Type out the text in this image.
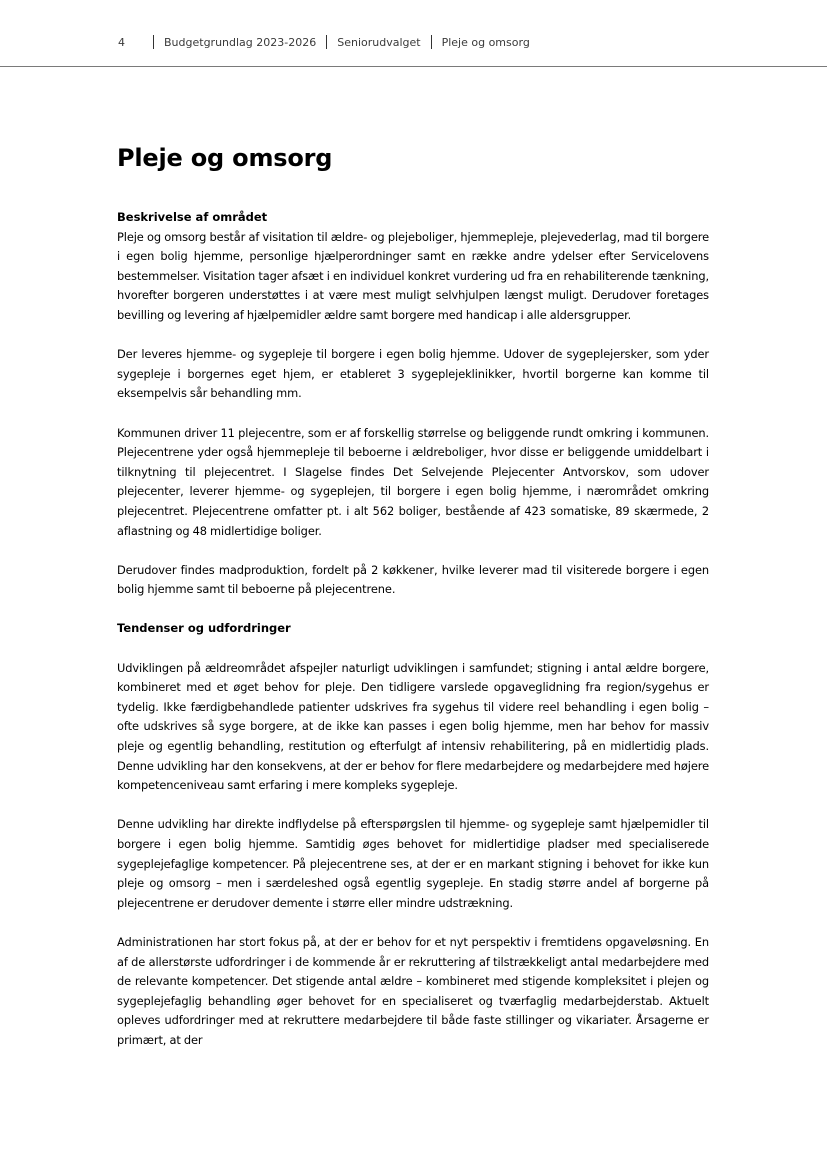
4	Budgetgrundlag 2023-2026 Seniorudvalget Pleje og omsorg
Pleje og omsorg
Beskrivelse af området

Pleje og omsorg består af visitation til ældre- og plejeboliger, hjemmepleje, plejevederlag, mad til borgere i egen bolig hjemme, personlige hjælperordninger samt en række andre ydelser efter Servicelovens bestemmelser. Visitation tager afsæt i en individuel konkret vurdering ud fra en rehabiliterende tænkning, hvorefter borgeren understøttes i at være mest muligt selvhjulpen længst muligt. Derudover foretages bevilling og levering af hjælpemidler ældre samt borgere med handicap i alle aldersgrupper.

Der leveres hjemme- og sygepleje til borgere i egen bolig hjemme. Udover de sygeplejersker, som yder sygepleje i borgernes eget hjem, er etableret 3 sygeplejeklinikker, hvortil borgerne kan komme til eksempelvis sår behandling mm.

Kommunen driver 11 plejecentre, som er af forskellig størrelse og beliggende rundt omkring i kommunen. Plejecentrene yder også hjemmepleje til beboerne i ældreboliger, hvor disse er beliggende umiddelbart i tilknytning til plejecentret. I Slagelse findes Det Selvejende Plejecenter Antvorskov, som udover plejecenter, leverer hjemme- og sygeplejen, til borgere i egen bolig hjemme, i nærområdet omkring plejecentret. Plejecentrene omfatter pt. i alt 562 boliger, bestående af 423 somatiske, 89 skærmede, 2 aflastning og 48 midlertidige boliger.

Derudover findes madproduktion, fordelt på 2 køkkener, hvilke leverer mad til visiterede borgere i egen bolig hjemme samt til beboerne på plejecentrene.

Tendenser og udfordringer

Udviklingen på ældreområdet afspejler naturligt udviklingen i samfundet; stigning i antal ældre borgere, kombineret med et øget behov for pleje. Den tidligere varslede opgaveglidning fra region/sygehus er tydelig. Ikke færdigbehandlede patienter udskrives fra sygehus til videre reel behandling i egen bolig – ofte udskrives så syge borgere, at de ikke kan passes i egen bolig hjemme, men har behov for massiv pleje og egentlig behandling, restitution og efterfulgt af intensiv rehabilitering, på en midlertidig plads. Denne udvikling har den konsekvens, at der er behov for flere medarbejdere og medarbejdere med højere kompetenceniveau samt erfaring i mere kompleks sygepleje.

Denne udvikling har direkte indflydelse på efterspørgslen til hjemme- og sygepleje samt hjælpemidler til borgere i egen bolig hjemme. Samtidig øges behovet for midlertidige pladser med specialiserede sygeplejefaglige kompetencer. På plejecentrene ses, at der er en markant stigning i behovet for ikke kun pleje og omsorg – men i særdeleshed også egentlig sygepleje. En stadig større andel af borgerne på plejecentrene er derudover demente i større eller mindre udstrækning.

Administrationen har stort fokus på, at der er behov for et nyt perspektiv i fremtidens opgaveløsning. En af de allerstørste udfordringer i de kommende år er rekruttering af tilstrækkeligt antal medarbejdere med de relevante kompetencer. Det stigende antal ældre – kombineret med stigende kompleksitet i plejen og sygeplejefaglig behandling øger behovet for en specialiseret og tværfaglig medarbejderstab. Aktuelt opleves udfordringer med at rekruttere medarbejdere til både faste stillinger og vikariater. Årsagerne er primært, at der
